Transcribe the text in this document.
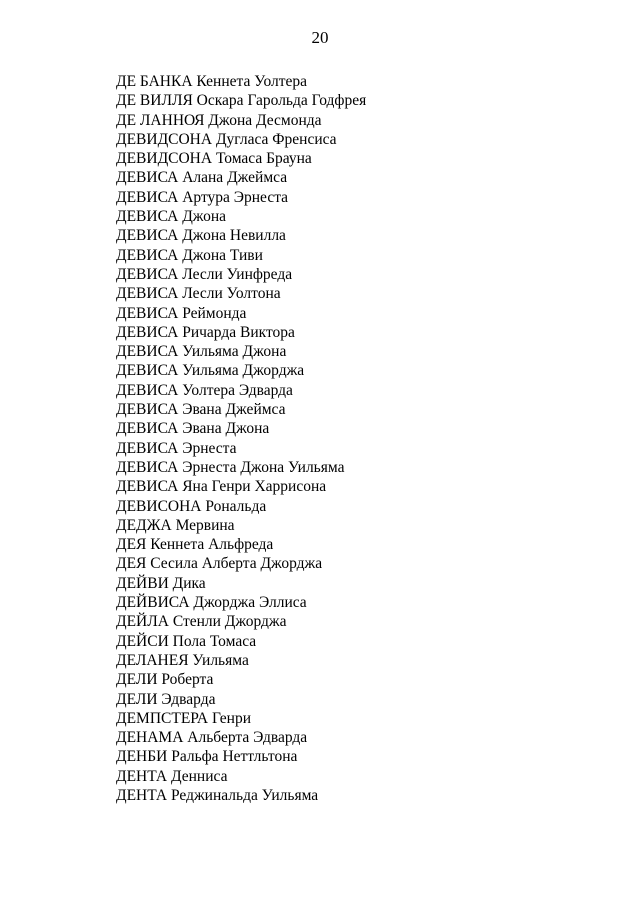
20
ДЕ БАНКА Кеннета Уолтера
ДЕ ВИЛЛЯ Оскара Гарольда Годфрея
ДЕ ЛАННОЯ Джона Десмонда
ДЕВИДСОНА Дугласа Френсиса
ДЕВИДСОНА Томаса Брауна
ДЕВИСА Алана Джеймса
ДЕВИСА Артура Эрнеста
ДЕВИСА Джона
ДЕВИСА Джона Невилла
ДЕВИСА Джона Тиви
ДЕВИСА Лесли Уинфреда
ДЕВИСА Лесли Уолтона
ДЕВИСА Реймонда
ДЕВИСА Ричарда Виктора
ДЕВИСА Уильяма Джона
ДЕВИСА Уильяма Джорджа
ДЕВИСА Уолтера Эдварда
ДЕВИСА Эвана Джеймса
ДЕВИСА Эвана Джона
ДЕВИСА Эрнеста
ДЕВИСА Эрнеста Джона Уильяма
ДЕВИСА Яна Генри Харрисона
ДЕВИСОНА Рональда
ДЕДЖА Мервина
ДЕЯ Кеннета Альфреда
ДЕЯ Сесила Алберта Джорджа
ДЕЙВИ Дика
ДЕЙВИСА Джорджа Эллиса
ДЕЙЛА Стенли Джорджа
ДЕЙСИ Пола Томаса
ДЕЛАНЕЯ Уильяма
ДЕЛИ Роберта
ДЕЛИ Эдварда
ДЕМПСТЕРА Генри
ДЕНАМА Альберта Эдварда
ДЕНБИ Ральфа Неттльтона
ДЕНТА Денниса
ДЕНТА Реджинальда Уильяма
